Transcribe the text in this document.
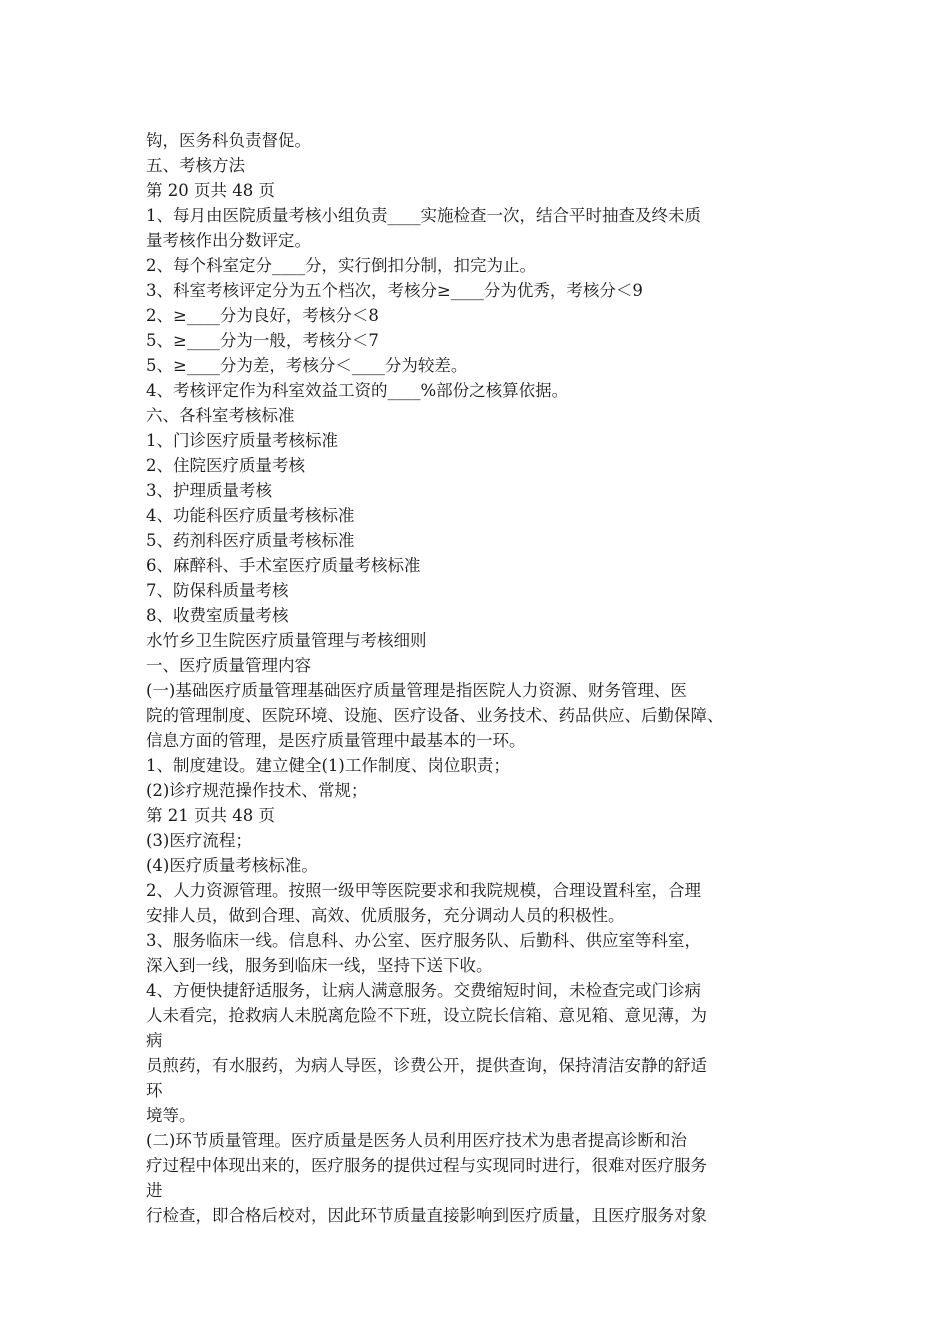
钩，医务科负责督促。
五、考核方法
第 20 页共 48 页
1、每月由医院质量考核小组负责____实施检查一次，结合平时抽查及终未质
量考核作出分数评定。
2、每个科室定分____分，实行倒扣分制，扣完为止。
3、科室考核评定分为五个档次，考核分≥____分为优秀，考核分＜9
2、≥____分为良好，考核分＜8
5、≥____分为一般，考核分＜7
5、≥____分为差，考核分＜____分为较差。
4、考核评定作为科室效益工资的____%部份之核算依据。
六、各科室考核标准
1、门诊医疗质量考核标准
2、住院医疗质量考核
3、护理质量考核
4、功能科医疗质量考核标准
5、药剂科医疗质量考核标准
6、麻醉科、手术室医疗质量考核标准
7、防保科质量考核
8、收费室质量考核
水竹乡卫生院医疗质量管理与考核细则
一、医疗质量管理内容
(一)基础医疗质量管理基础医疗质量管理是指医院人力资源、财务管理、医
院的管理制度、医院环境、设施、医疗设备、业务技术、药品供应、后勤保障、
信息方面的管理，是医疗质量管理中最基本的一环。
1、制度建设。建立健全(1)工作制度、岗位职责；
(2)诊疗规范操作技术、常规；
第 21 页共 48 页
(3)医疗流程；
(4)医疗质量考核标准。
2、人力资源管理。按照一级甲等医院要求和我院规模，合理设置科室，合理
安排人员，做到合理、高效、优质服务，充分调动人员的积极性。
3、服务临床一线。信息科、办公室、医疗服务队、后勤科、供应室等科室，
深入到一线，服务到临床一线，坚持下送下收。
4、方便快捷舒适服务，让病人满意服务。交费缩短时间，未检查完或门诊病
人未看完，抢救病人未脱离危险不下班，设立院长信箱、意见箱、意见薄，为
病
员煎药，有水服药，为病人导医，诊费公开，提供查询，保持清洁安静的舒适
环
境等。
(二)环节质量管理。医疗质量是医务人员利用医疗技术为患者提高诊断和治
疗过程中体现出来的，医疗服务的提供过程与实现同时进行，很难对医疗服务
进
行检查，即合格后校对，因此环节质量直接影响到医疗质量，且医疗服务对象
